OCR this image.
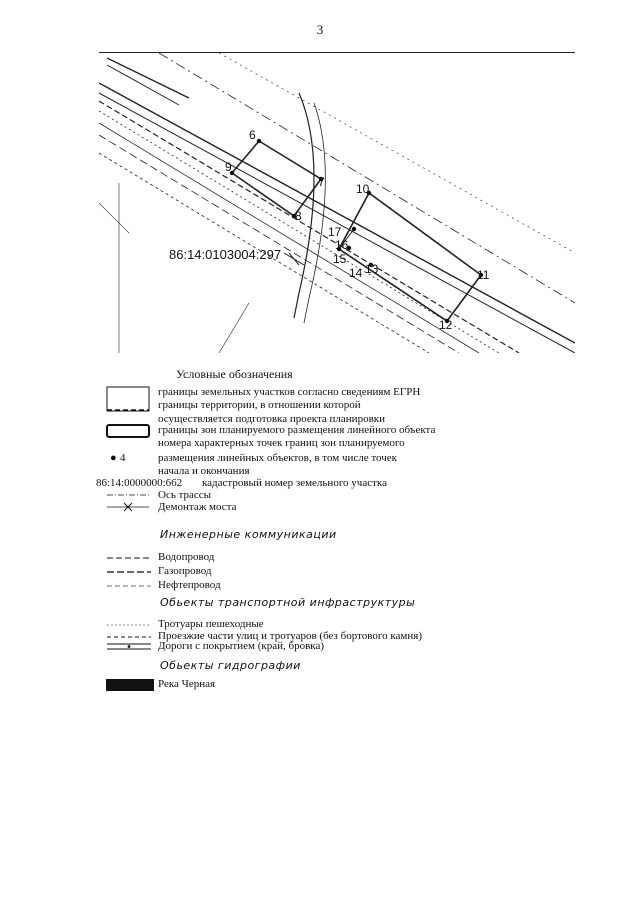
3
6
7
8
9
10
11
12
13
14
15
16
17
86:14:0103004:297
Условные обозначения
границы земельных участков согласно сведениям ЕГРН
границы территории, в отношении которой
осуществляется подготовка проекта планировки
границы зон планируемого размещения линейного объекта
номера характерных точек границ зон планируемого
● 4	размещения линейных объектов, в том числе точек
начала и окончания
86:14:0000000:662 кадастровый номер земельного участка
Ось трассы
Демонтаж моста
Инженерные коммуникации
Водопровод
Газопровод
Нефтепровод
Обьекты транспортной инфраструктуры
Тротуары пешеходные
Проезжие части улиц и тротуаров (без бортового камня)
Дороги с покрытием (край, бровка)
Обьекты гидрографии
Река Черная
